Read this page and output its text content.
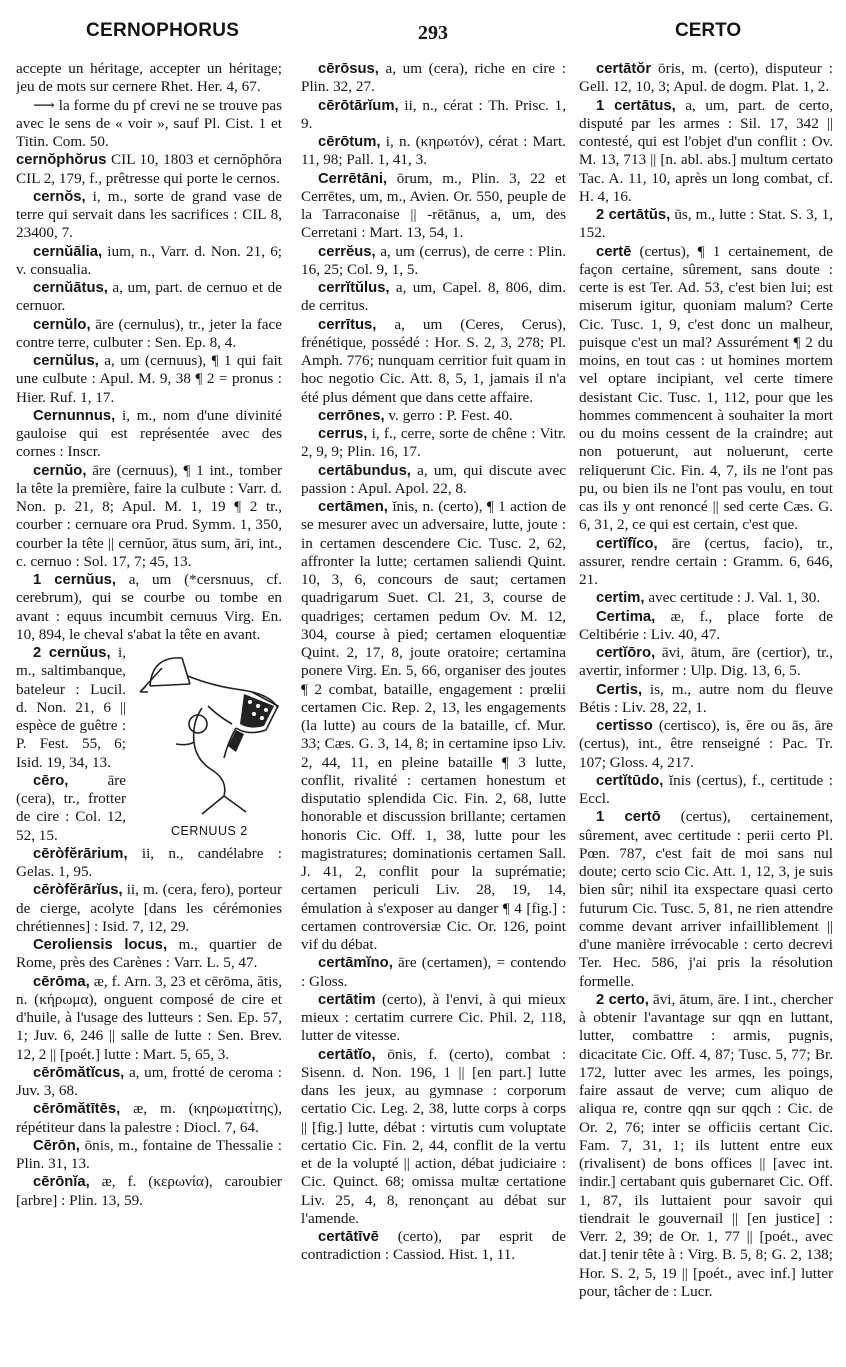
CERNOPHORUS	293	CERTO

accepte un héritage, accepter un héritage; jeu de mots sur cernere Rhet. Her. 4, 67.

⟶ la forme du pf crevi ne se trouve pas avec le sens de « voir », sauf Pl. Cist. 1 et Titin. Com. 50.

cernŏphŏrus CIL 10, 1803 et cernŏphŏra CIL 2, 179, f., prêtresse qui porte le cernos.

cernŏs, i, m., sorte de grand vase de terre qui servait dans les sacrifices : CIL 8, 23400, 7.

cernŭālia, ium, n., Varr. d. Non. 21, 6; v. consualia.

cernŭātus, a, um, part. de cernuo et de cernuor.

cernŭlo, āre (cernulus), tr., jeter la face contre terre, culbuter : Sen. Ep. 8, 4.

cernŭlus, a, um (cernuus), ¶ 1 qui fait une culbute : Apul. M. 9, 38 ¶ 2 = pronus : Hier. Ruf. 1, 17.

Cernunnus, i, m., nom d'une divinité gauloise qui est représentée avec des cornes : Inscr.

cernŭo, āre (cernuus), ¶ 1 int., tomber la tête la première, faire la culbute : Varr. d. Non. p. 21, 8; Apul. M. 1, 19 ¶ 2 tr., courber : cernuare ora Prud. Symm. 1, 350, courber la tête || cernŭor, ātus sum, āri, int., c. cernuo : Sol. 17, 7; 45, 13.

1 cernŭus, a, um (*cersnuus, cf. cerebrum), qui se courbe ou tombe en avant : equus incumbit cernuus Virg. En. 10, 894, le cheval s'abat la tête en avant.

CERNUUS 2
2 cernŭus, i, m., saltimbanque, bateleur : Lucil. d. Non. 21, 6 || espèce de guêtre : P. Fest. 55, 6; Isid. 19, 34, 13.

cēro,	āre (cera), tr., frotter de cire : Col. 12, 52, 15.

cēròfĕrārium, ii, n., candélabre : Gelas. 1, 95.

cēròfĕrārĭus, ii, m. (cera, fero), porteur de cierge, acolyte [dans les cérémonies chrétiennes] : Isid. 7, 12, 29.

Ceroliensis locus, m., quartier de Rome, près des Carènes : Varr. L. 5, 47.

cērōma, æ, f. Arn. 3, 23 et cērōma, ătis, n. (κήρωμα), onguent composé de cire et d'huile, à l'usage des lutteurs : Sen. Ep. 57, 1; Juv. 6, 246 || salle de lutte : Sen. Brev. 12, 2 || [poét.] lutte : Mart. 5, 65, 3.

cērōmătĭcus, a, um, frotté de ceroma : Juv. 3, 68.

cērōmătītēs, æ, m. (κηρωματίτης), répétiteur dans la palestre : Diocl. 7, 64.

Cērōn, ōnis, m., fontaine de Thessalie : Plin. 31, 13.

cērōnĭa, æ, f. (κερωνία), caroubier [arbre] : Plin. 13, 59.

cērōsus, a, um (cera), riche en cire : Plin. 32, 27.

cērōtārĭum, ii, n., cérat : Th. Prisc. 1, 9.

cērōtum, i, n. (κηρωτόν), cérat : Mart. 11, 98; Pall. 1, 41, 3.

Cerrētāni, ōrum, m., Plin. 3, 22 et Cerrētes, um, m., Avien. Or. 550, peuple de la Tarraconaise || -rētānus, a, um, des Cerretani : Mart. 13, 54, 1.

cerrĕus, a, um (cerrus), de cerre : Plin. 16, 25; Col. 9, 1, 5.

cerrĭtŭlus, a, um, Capel. 8, 806, dim. de cerritus.

cerrītus, a, um (Ceres, Cerus), frénétique, possédé : Hor. S. 2, 3, 278; Pl. Amph. 776; nunquam cerritior fuit quam in hoc negotio Cic. Att. 8, 5, 1, jamais il n'a été plus dément que dans cette affaire.

cerrōnes, v. gerro : P. Fest. 40.

cerrus, i, f., cerre, sorte de chêne : Vitr. 2, 9, 9; Plin. 16, 17.

certābundus, a, um, qui discute avec passion : Apul. Apol. 22, 8.

certāmen, ĭnis, n. (certo), ¶ 1 action de se mesurer avec un adversaire, lutte, joute : in certamen descendere Cic. Tusc. 2, 62, affronter la lutte; certamen saliendi Quint. 10, 3, 6, concours de saut; certamen quadrigarum Suet. Cl. 21, 3, course de quadriges; certamen pedum Ov. M. 12, 304, course à pied; certamen eloquentiæ Quint. 2, 17, 8, joute oratoire; certamina ponere Virg. En. 5, 66, organiser des joutes ¶ 2 combat, bataille, engagement : prœlii certamen Cic. Rep. 2, 13, les engagements (la lutte) au cours de la bataille, cf. Mur. 33; Cæs. G. 3, 14, 8; in certamine ipso Liv. 2, 44, 11, en pleine bataille ¶ 3 lutte, conflit, rivalité : certamen honestum et disputatio splendida Cic. Fin. 2, 68, lutte honorable et discussion brillante; certamen honoris Cic. Off. 1, 38, lutte pour les magistratures; dominationis certamen Sall. J. 41, 2, conflit pour la suprématie; certamen periculi Liv. 28, 19, 14, émulation à s'exposer au danger ¶ 4 [fig.] : certamen controversiæ Cic. Or. 126, point vif du débat.

certāmĭno, āre (certamen), = contendo : Gloss.

certātim (certo), à l'envi, à qui mieux mieux : certatim currere Cic. Phil. 2, 118, lutter de vitesse.

certātĭo, ōnis, f. (certo), combat : Sisenn. d. Non. 196, 1 || [en part.] lutte dans les jeux, au gymnase : corporum certatio Cic. Leg. 2, 38, lutte corps à corps || [fig.] lutte, débat : virtutis cum voluptate certatio Cic. Fin. 2, 44, conflit de la vertu et de la volupté || action, débat judiciaire : Cic. Quinct. 68; omissa multæ certatione Liv. 25, 4, 8, renonçant au débat sur l'amende.

certātīvē (certo), par esprit de contradiction : Cassiod. Hist. 1, 11.

certātŏr ōris, m. (certo), disputeur : Gell. 12, 10, 3; Apul. de dogm. Plat. 1, 2.

1 certātus, a, um, part. de certo, disputé par les armes : Sil. 17, 342 || contesté, qui est l'objet d'un conflit : Ov. M. 13, 713 || [n. abl. abs.] multum certato Tac. A. 11, 10, après un long combat, cf. H. 4, 16.

2 certātŭs, ūs, m., lutte : Stat. S. 3, 1, 152.

certē (certus), ¶ 1 certainement, de façon certaine, sûrement, sans doute : certe is est Ter. Ad. 53, c'est bien lui; est miserum igitur, quoniam malum? Certe Cic. Tusc. 1, 9, c'est donc un malheur, puisque c'est un mal? Assurément ¶ 2 du moins, en tout cas : ut homines mortem vel optare incipiant, vel certe timere desistant Cic. Tusc. 1, 112, pour que les hommes commencent à souhaiter la mort ou du moins cessent de la craindre; aut non potuerunt, aut noluerunt, certe reliquerunt Cic. Fin. 4, 7, ils ne l'ont pas pu, ou bien ils ne l'ont pas voulu, en tout cas ils y ont renoncé || sed certe Cæs. G. 6, 31, 2, ce qui est certain, c'est que.

certĭfĭco, āre (certus, facio), tr., assurer, rendre certain : Gramm. 6, 646, 21.

certim, avec certitude : J. Val. 1, 30.

Certima, æ, f., place forte de Celtibérie : Liv. 40, 47.

certĭōro, āvi, ātum, āre (certior), tr., avertir, informer : Ulp. Dig. 13, 6, 5.

Certis, is, m., autre nom du fleuve Bétis : Liv. 28, 22, 1.

certisso (certisco), is, ĕre ou ās, āre (certus), int., être renseigné : Pac. Tr. 107; Gloss. 4, 217.

certĭtūdo, ĭnis (certus), f., certitude : Eccl.

1 certō (certus), certainement, sûrement, avec certitude : perii certo Pl. Pœn. 787, c'est fait de moi sans nul doute; certo scio Cic. Att. 1, 12, 3, je suis bien sûr; nihil ita exspectare quasi certo futurum Cic. Tusc. 5, 81, ne rien attendre comme devant arriver infailliblement || d'une manière irrévocable : certo decrevi Ter. Hec. 586, j'ai pris la résolution formelle.

2 certo, āvi, ātum, āre. I int., chercher à obtenir l'avantage sur qqn en luttant, lutter, combattre : armis, pugnis, dicacitate Cic. Off. 4, 87; Tusc. 5, 77; Br. 172, lutter avec les armes, les poings, faire assaut de verve; cum aliquo de aliqua re, contre qqn sur qqch : Cic. de Or. 2, 76; inter se officiis certant Cic. Fam. 7, 31, 1; ils luttent entre eux (rivalisent) de bons offices || [avec int. indir.] certabant quis gubernaret Cic. Off. 1, 87, ils luttaient pour savoir qui tiendrait le gouvernail || [en justice] : Verr. 2, 39; de Or. 1, 77 || [poét., avec dat.] tenir tête à : Virg. B. 5, 8; G. 2, 138; Hor. S. 2, 5, 19 || [poét., avec inf.] lutter pour, tâcher de : Lucr.
